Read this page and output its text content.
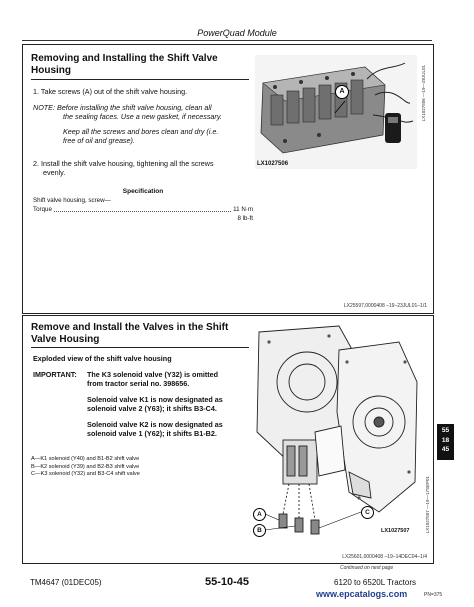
PowerQuad Module
Removing and Installing the Shift Valve
Housing
1. Take screws (A) out of the shift valve housing.
NOTE: Before installing the shift valve housing, clean all
the sealing faces. Use a new gasket, if necessary.
Keep all the screws and bores clean and dry (i.e.
free of oil and grease).
2. Install the shift valve housing, tightening all the screws
evenly.
Specification
Shift valve housing, screw—
Torque	11 N·m
8 lb-ft
A
LX1027506
LX1027506 —19—28JUL01
LX25597,0000408 –19–23JUL01–1/1
Remove and Install the Valves in the Shift
Valve Housing
Exploded view of the shift valve housing
IMPORTANT: The K3 solenoid valve (Y32) is omitted
from tractor serial no. 398656.
Solenoid valve K1 is now designated as
solenoid valve 2 (Y63); it shifts B3-C4.
Solenoid valve K2 is now designated as
solenoid valve 1 (Y62); it shifts B1-B2.
A—K1 solenoid (Y40) and B1-B2 shift valve
B—K2 solenoid (Y39) and B2-B3 shift valve
C—K3 solenoid (Y32) and B3-C4 shift valve
A
B
C
LX1027507	LX1027507 —19—17SEP01
LX25601,0000408 –19–14DEC04–1/4
Continued on next page
55
18
45
TM4647 (01DEC05)	55-10-45	6120 to 6520L Tractors
PN=375
www.epcatalogs.com
